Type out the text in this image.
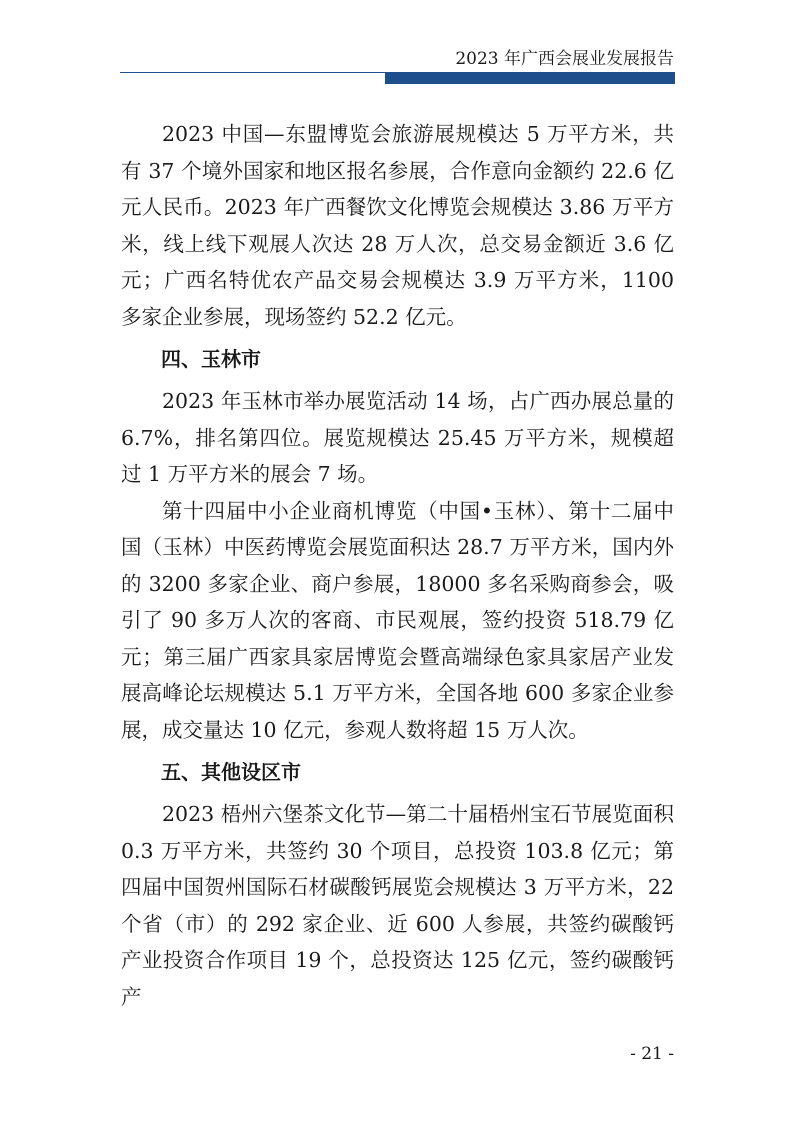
2023 年广西会展业发展报告

2023 中国—东盟博览会旅游展规模达 5 万平方米，共有 37 个境外国家和地区报名参展，合作意向金额约 22.6 亿元人民币。2023 年广西餐饮文化博览会规模达 3.86 万平方米，线上线下观展人次达 28 万人次，总交易金额近 3.6 亿元；广西名特优农产品交易会规模达 3.9 万平方米，1100 多家企业参展，现场签约 52.2 亿元。

四、玉林市

2023 年玉林市举办展览活动 14 场，占广西办展总量的 6.7%，排名第四位。展览规模达 25.45 万平方米，规模超过 1 万平方米的展会 7 场。

第十四届中小企业商机博览（中国•玉林）、第十二届中国（玉林）中医药博览会展览面积达 28.7 万平方米，国内外的 3200 多家企业、商户参展，18000 多名采购商参会，吸引了 90 多万人次的客商、市民观展，签约投资 518.79 亿元；第三届广西家具家居博览会暨高端绿色家具家居产业发展高峰论坛规模达 5.1 万平方米，全国各地 600 多家企业参展，成交量达 10 亿元，参观人数将超 15 万人次。

五、其他设区市

2023 梧州六堡茶文化节—第二十届梧州宝石节展览面积 0.3 万平方米，共签约 30 个项目，总投资 103.8 亿元；第四届中国贺州国际石材碳酸钙展览会规模达 3 万平方米，22 个省（市）的 292 家企业、近 600 人参展，共签约碳酸钙产业投资合作项目 19 个，总投资达 125 亿元，签约碳酸钙产

- 21 -
